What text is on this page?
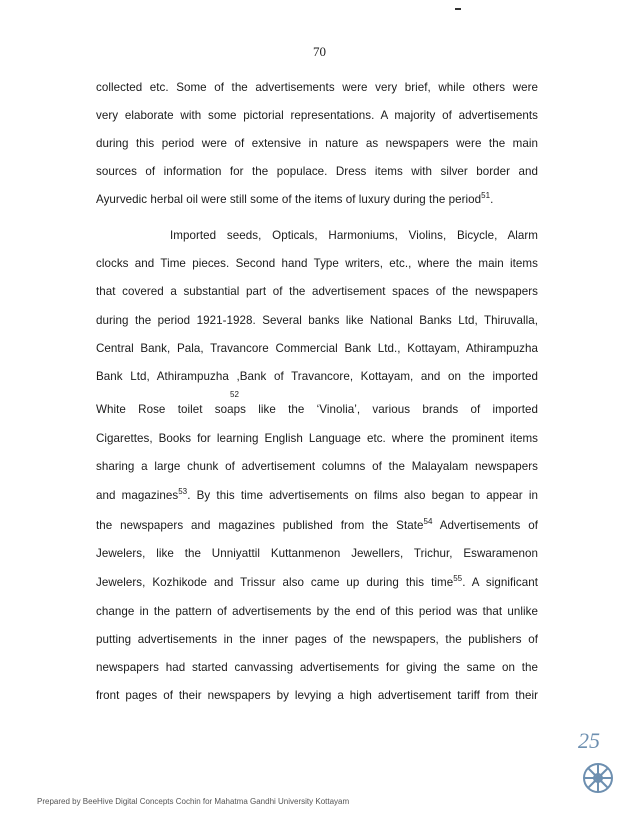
70
collected etc. Some of the advertisements were very brief, while others were
very elaborate with some pictorial representations. A majority of advertisements
during this period were of extensive in nature as newspapers were the main
sources of information for the populace. Dress items with silver border and
Ayurvedic herbal oil were still some of the items of luxury during the period$^{51}$.
Imported seeds, Opticals, Harmoniums, Violins, Bicycle, Alarm
clocks and Time pieces. Second hand Type writers, etc., where the main items
that covered a substantial part of the advertisement spaces of the newspapers
during the period 1921-1928. Several banks like National Banks Ltd, Thiruvalla,
Central Bank, Pala, Travancore Commercial Bank Ltd., Kottayam, Athirampuzha
Bank Ltd, Athirampuzha ,Bank of Travancore, Kottayam, and on the imported
52
White Rose toilet soaps like the ‘Vinolia’, various brands of imported
Cigarettes, Books for learning English Language etc. where the prominent items
sharing a large chunk of advertisement columns of the Malayalam newspapers
and magazines$^{53}$. By this time advertisements on films also began to appear in
the newspapers and magazines published from the State$^{54}$ Advertisements of
Jewelers, like the Unniyattil Kuttanmenon Jewellers, Trichur, Eswaramenon
Jewelers, Kozhikode and Trissur also came up during this time$^{55}$. A significant
change in the pattern of advertisements by the end of this period was that unlike
putting advertisements in the inner pages of the newspapers, the publishers of
newspapers had started canvassing advertisements for giving the same on the
front pages of their newspapers by levying a high advertisement tariff from their
25
Prepared by BeeHive Digital Concepts Cochin for Mahatma Gandhi University Kottayam
